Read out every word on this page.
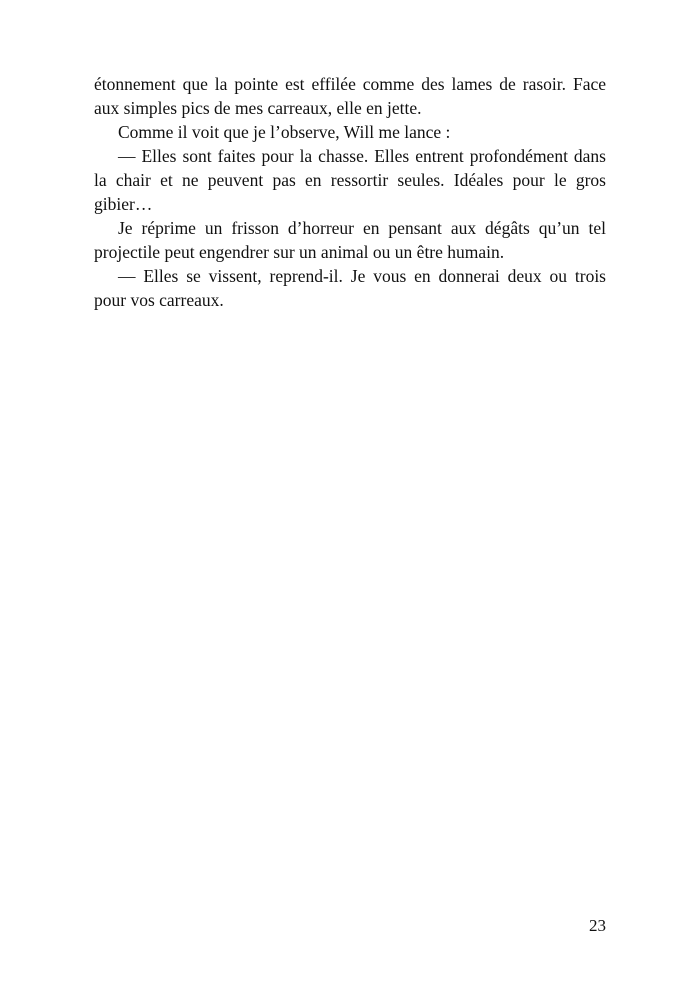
étonnement que la pointe est effilée comme des lames de rasoir. Face
aux simples pics de mes carreaux, elle en jette.
Comme il voit que je l’observe, Will me lance :
— Elles sont faites pour la chasse. Elles entrent profondément dans
la chair et ne peuvent pas en ressortir seules. Idéales pour le gros
gibier…
Je réprime un frisson d’horreur en pensant aux dégâts qu’un tel
projectile peut engendrer sur un animal ou un être humain.
— Elles se vissent, reprend-il. Je vous en donnerai deux ou trois
pour vos carreaux.
23
